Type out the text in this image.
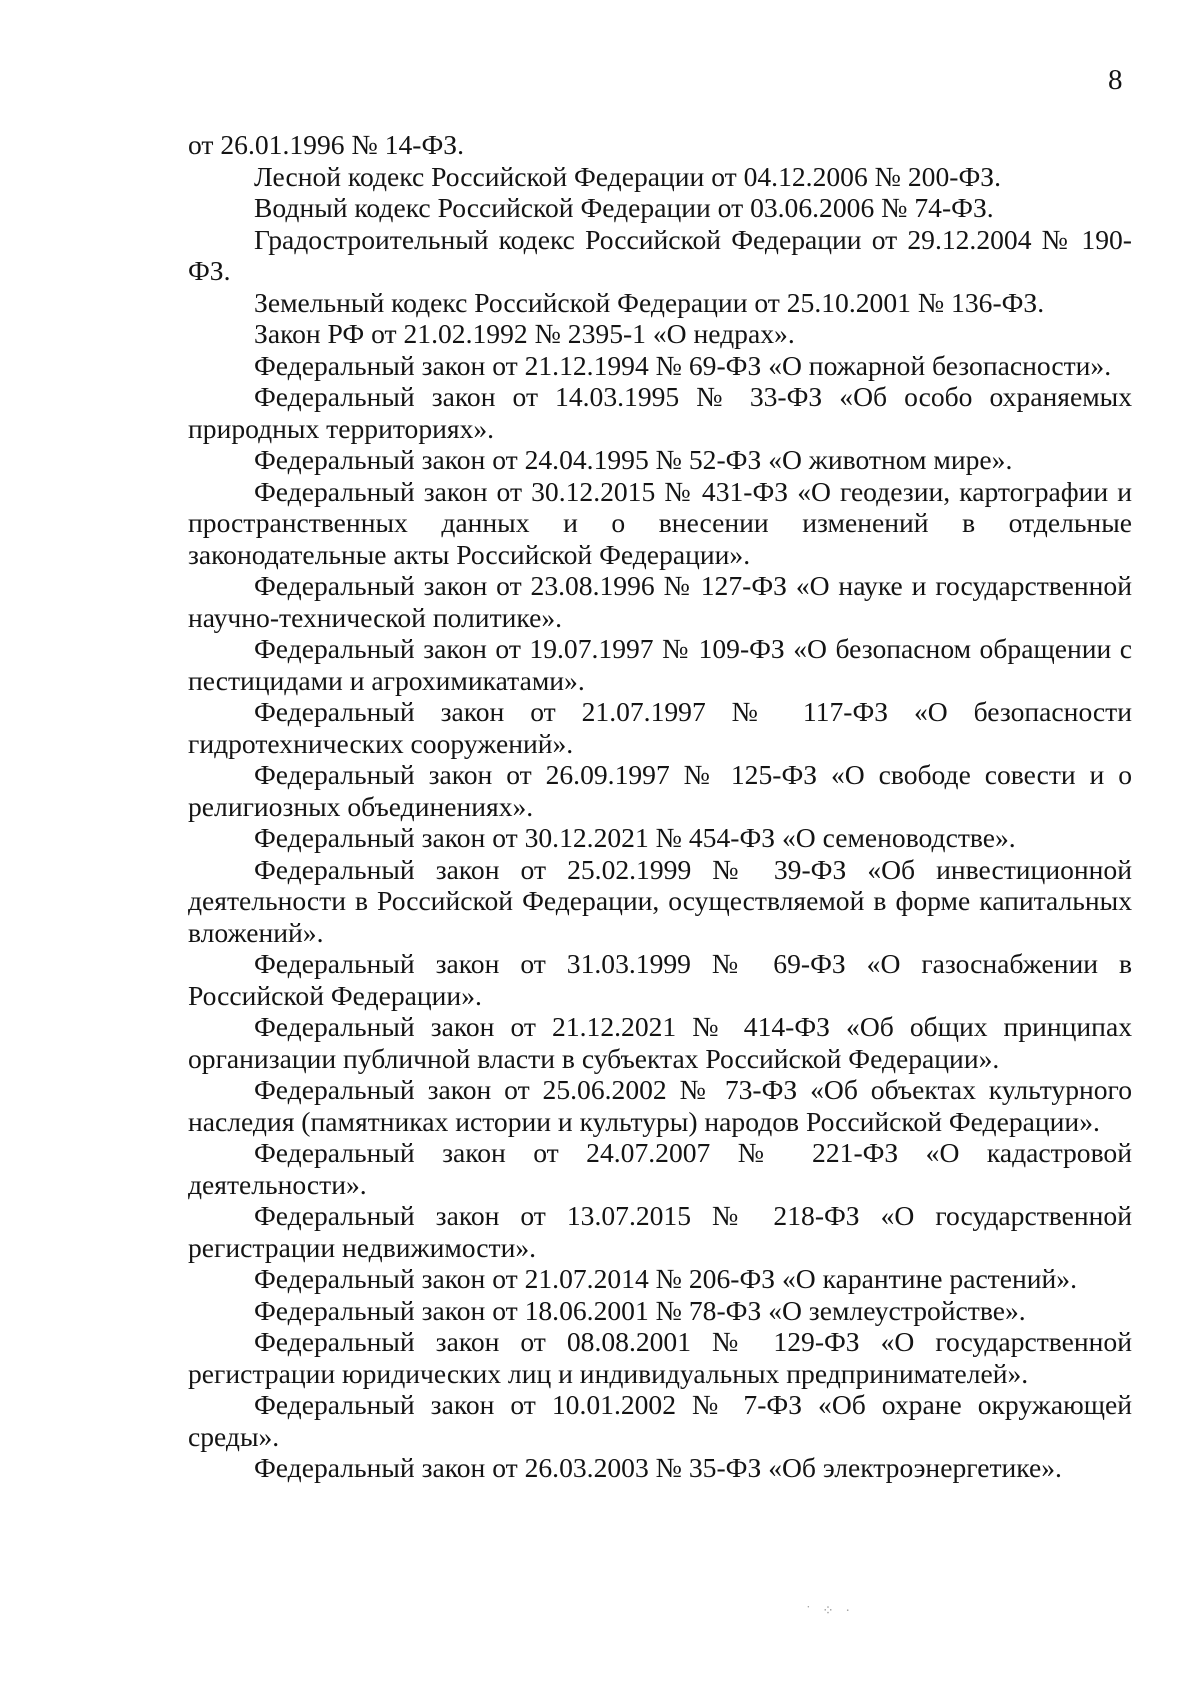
8

от 26.01.1996 № 14-ФЗ.

Лесной кодекс Российской Федерации от 04.12.2006 № 200-ФЗ.

Водный кодекс Российской Федерации от 03.06.2006 № 74-ФЗ.

Градостроительный кодекс Российской Федерации от 29.12.2004 № 190-ФЗ.

Земельный кодекс Российской Федерации от 25.10.2001 № 136-ФЗ.

Закон РФ от 21.02.1992 № 2395-1 «О недрах».

Федеральный закон от 21.12.1994 № 69-ФЗ «О пожарной безопасности».

Федеральный закон от 14.03.1995 № 33-ФЗ «Об особо охраняемых природных территориях».

Федеральный закон от 24.04.1995 № 52-ФЗ «О животном мире».

Федеральный закон от 30.12.2015 № 431-ФЗ «О геодезии, картографии и пространственных данных и о внесении изменений в отдельные законодательные акты Российской Федерации».

Федеральный закон от 23.08.1996 № 127-ФЗ «О науке и государственной научно-технической политике».

Федеральный закон от 19.07.1997 № 109-ФЗ «О безопасном обращении с пестицидами и агрохимикатами».

Федеральный закон от 21.07.1997 № 117-ФЗ «О безопасности гидротехнических сооружений».

Федеральный закон от 26.09.1997 № 125-ФЗ «О свободе совести и о религиозных объединениях».

Федеральный закон от 30.12.2021 № 454-ФЗ «О семеноводстве».

Федеральный закон от 25.02.1999 № 39-ФЗ «Об инвестиционной деятельности в Российской Федерации, осуществляемой в форме капитальных вложений».

Федеральный закон от 31.03.1999 № 69-ФЗ «О газоснабжении в Российской Федерации».

Федеральный закон от 21.12.2021 № 414-ФЗ «Об общих принципах организации публичной власти в субъектах Российской Федерации».

Федеральный закон от 25.06.2002 № 73-ФЗ «Об объектах культурного наследия (памятниках истории и культуры) народов Российской Федерации».

Федеральный закон от 24.07.2007 № 221-ФЗ «О кадастровой деятельности».

Федеральный закон от 13.07.2015 № 218-ФЗ «О государственной регистрации недвижимости».

Федеральный закон от 21.07.2014 № 206-ФЗ «О карантине растений».

Федеральный закон от 18.06.2001 № 78-ФЗ «О землеустройстве».

Федеральный закон от 08.08.2001 № 129-ФЗ «О государственной регистрации юридических лиц и индивидуальных предпринимателей».

Федеральный закон от 10.01.2002 № 7-ФЗ «Об охране окружающей среды».

Федеральный закон от 26.03.2003 № 35-ФЗ «Об электроэнергетике».

˙ ⁘ ·
